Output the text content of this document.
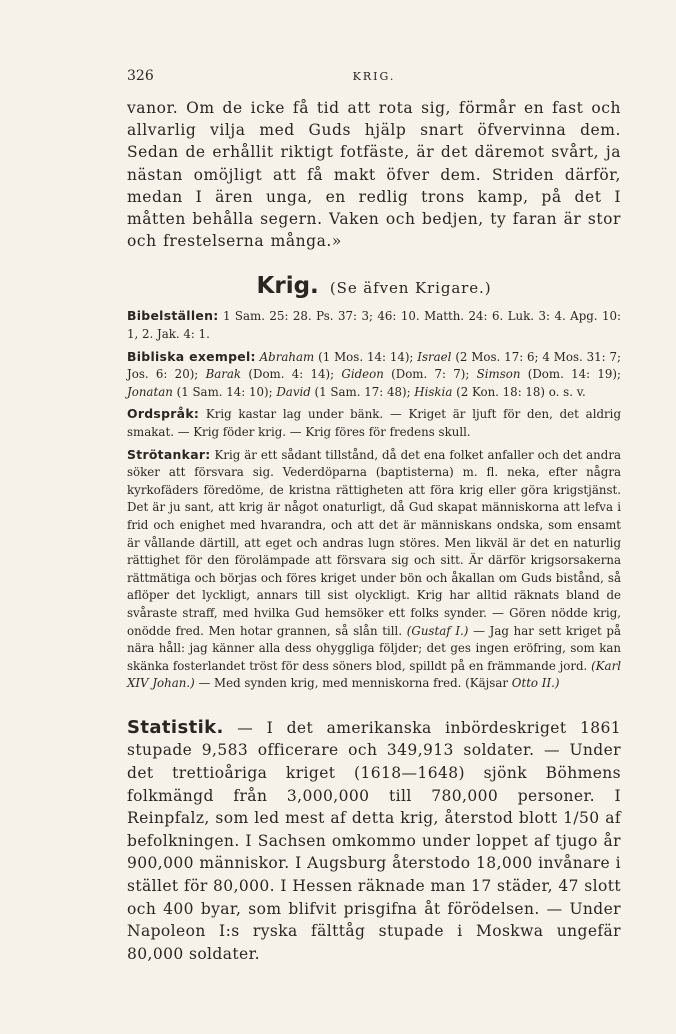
326	KRIG.

vanor. Om de icke få tid att rota sig, förmår en fast och allvarlig vilja med Guds hjälp snart öfvervinna dem. Sedan de erhållit riktigt fotfäste, är det däremot svårt, ja nästan omöjligt att få makt öfver dem. Striden därför, medan I ären unga, en redlig trons kamp, på det I måtten behålla segern. Vaken och bedjen, ty faran är stor och frestelserna många.»

Krig. (Se äfven Krigare.)

Bibelställen: 1 Sam. 25: 28. Ps. 37: 3; 46: 10. Matth. 24: 6. Luk. 3: 4. Apg. 10: 1, 2. Jak. 4: 1.

Bibliska exempel: Abraham (1 Mos. 14: 14); Israel (2 Mos. 17: 6; 4 Mos. 31: 7; Jos. 6: 20); Barak (Dom. 4: 14); Gideon (Dom. 7: 7); Simson (Dom. 14: 19); Jonatan (1 Sam. 14: 10); David (1 Sam. 17: 48); Hiskia (2 Kon. 18: 18) o. s. v.

Ordspråk: Krig kastar lag under bänk. — Kriget är ljuft för den, det aldrig smakat. — Krig föder krig. — Krig föres för fredens skull.

Strötankar: Krig är ett sådant tillstånd, då det ena folket anfaller och det andra söker att försvara sig. Vederdöparna (baptisterna) m. fl. neka, efter några kyrkofäders föredöme, de kristna rättigheten att föra krig eller göra krigstjänst. Det är ju sant, att krig är något onaturligt, då Gud skapat människorna att lefva i frid och enighet med hvarandra, och att det är människans ondska, som ensamt är vållande därtill, att eget och andras lugn störes. Men likväl är det en naturlig rättighet för den förolämpade att försvara sig och sitt. Är därför krigsorsakerna rättmätiga och börjas och föres kriget under bön och åkallan om Guds bistånd, så aflöper det lyckligt, annars till sist olyckligt. Krig har alltid räknats bland de svåraste straff, med hvilka Gud hemsöker ett folks synder. — Gören nödde krig, onödde fred. Men hotar grannen, så slån till. (Gustaf I.) — Jag har sett kriget på nära håll: jag känner alla dess ohyggliga följder; det ges ingen eröfring, som kan skänka fosterlandet tröst för dess söners blod, spilldt på en främmande jord. (Karl XIV Johan.) — Med synden krig, med menniskorna fred. (Käjsar Otto II.)

Statistik. — I det amerikanska inbördeskriget 1861 stupade 9,583 officerare och 349,913 soldater. — Under det trettioåriga kriget (1618—1648) sjönk Böhmens folkmängd från 3,000,000 till 780,000 personer. I Reinpfalz, som led mest af detta krig, återstod blott 1/50 af befolkningen. I Sachsen omkommo under loppet af tjugo år 900,000 människor. I Augsburg återstodo 18,000 invånare i stället för 80,000. I Hessen räknade man 17 städer, 47 slott och 400 byar, som blifvit prisgifna åt förödelsen. — Under Napoleon I:s ryska fälttåg stupade i Moskwa ungefär 80,000 soldater.
